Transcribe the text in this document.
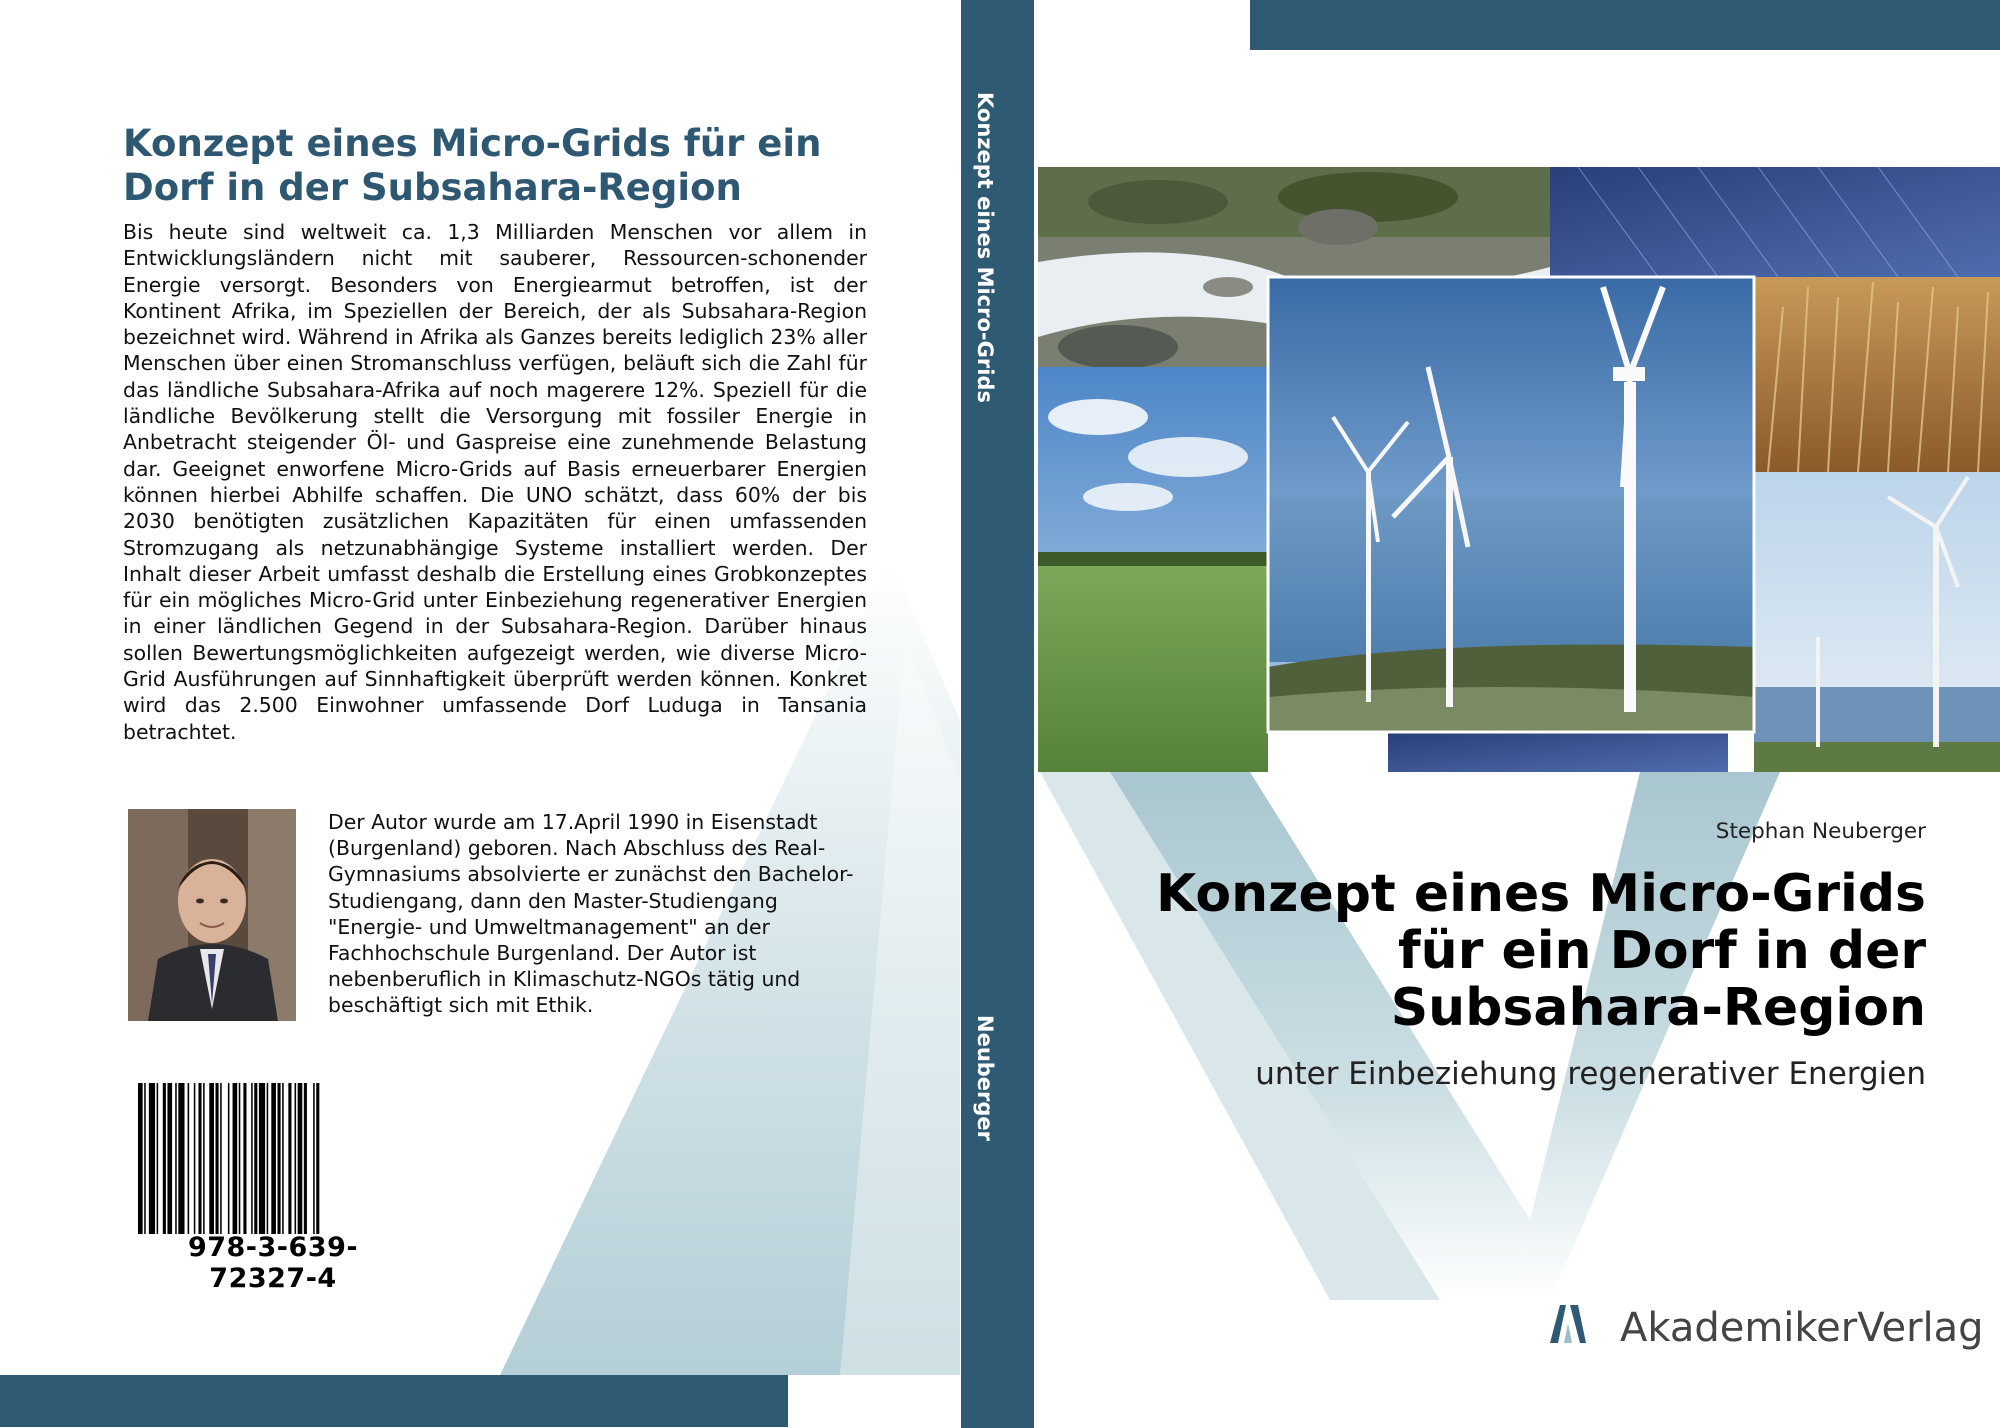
Konzept eines Micro-Grids für ein Dorf in der Subsahara-Region
Bis heute sind weltweit ca. 1,3 Milliarden Menschen vor allem in Entwicklungsländern nicht mit sauberer, Ressourcen-schonender Energie versorgt. Besonders von Energiearmut betroffen, ist der Kontinent Afrika, im Speziellen der Bereich, der als Subsahara-Region bezeichnet wird. Während in Afrika als Ganzes bereits lediglich 23% aller Menschen über einen Stromanschluss verfügen, beläuft sich die Zahl für das ländliche Subsahara-Afrika auf noch magerere 12%. Speziell für die ländliche Bevölkerung stellt die Versorgung mit fossiler Energie in Anbetracht steigender Öl- und Gaspreise eine zunehmende Belastung dar. Geeignet enworfene Micro-Grids auf Basis erneuerbarer Energien können hierbei Abhilfe schaffen. Die UNO schätzt, dass 60% der bis 2030 benötigten zusätzlichen Kapazitäten für einen umfassenden Stromzugang als netzunabhängige Systeme installiert werden. Der Inhalt dieser Arbeit umfasst deshalb die Erstellung eines Grobkonzeptes für ein mögliches Micro-Grid unter Einbeziehung regenerativer Energien in einer ländlichen Gegend in der Subsahara-Region. Darüber hinaus sollen Bewertungsmöglichkeiten aufgezeigt werden, wie diverse Micro-Grid Ausführungen auf Sinnhaftigkeit überprüft werden können. Konkret wird das 2.500 Einwohner umfassende Dorf Luduga in Tansania betrachtet.
Der Autor wurde am 17.April 1990 in Eisenstadt (Burgenland) geboren. Nach Abschluss des Real-Gymnasiums absolvierte er zunächst den Bachelor-Studiengang, dann den Master-Studiengang "Energie- und Umweltmanagement" an der Fachhochschule Burgenland. Der Autor ist nebenberuflich in Klimaschutz-NGOs tätig und beschäftigt sich mit Ethik.
978-3-639-72327-4
Konzept eines Micro-Grids
Neuberger
Stephan Neuberger
Konzept eines Micro-Grids für ein Dorf in der Subsahara-Region
unter Einbeziehung regenerativer Energien
AkademikerVerlag
